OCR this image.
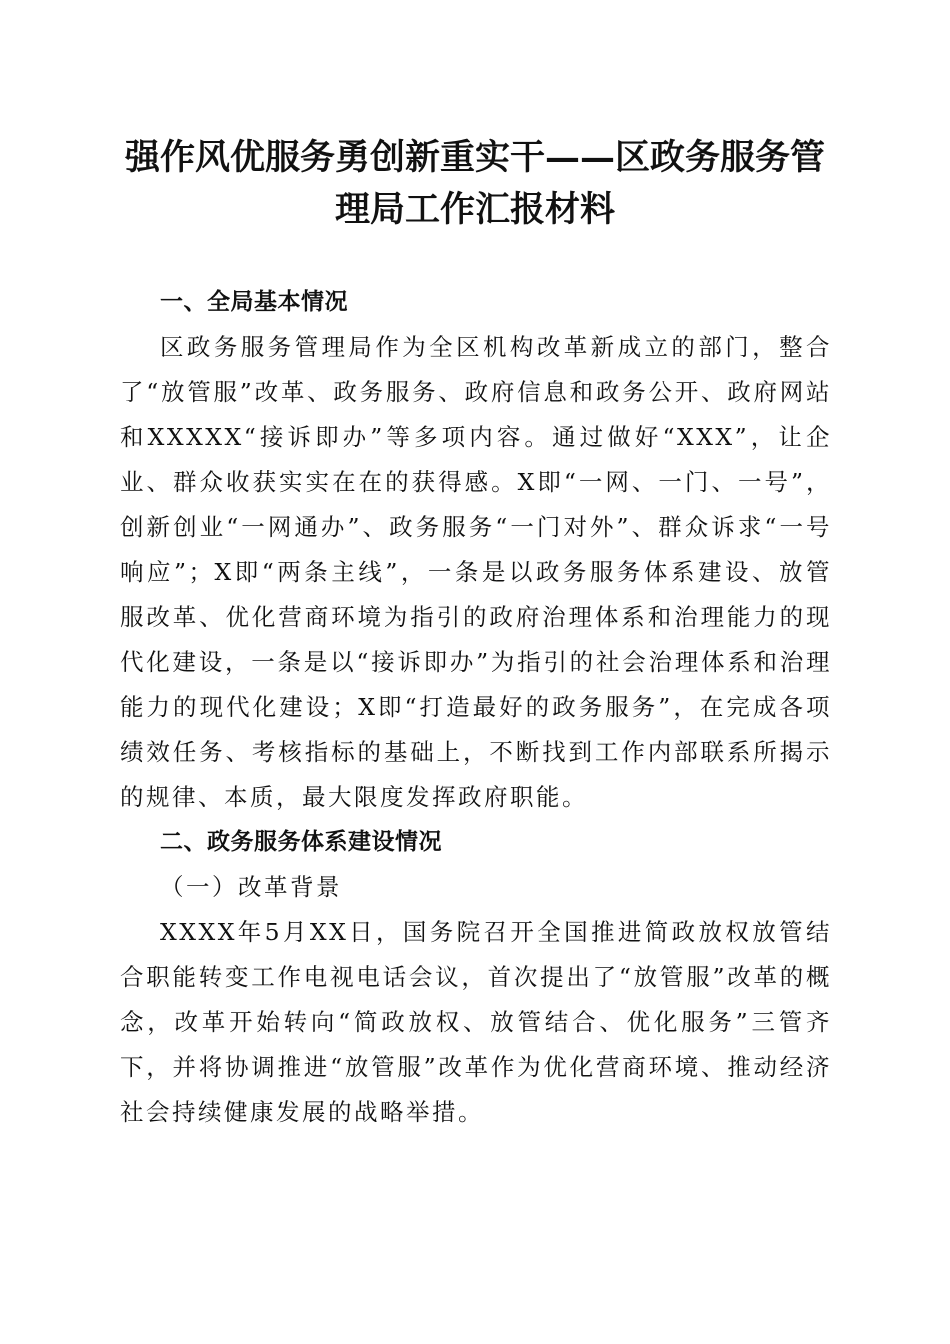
强作风优服务勇创新重实干——区政务服务管
理局工作汇报材料

一、全局基本情况

区政务服务管理局作为全区机构改革新成立的部门，整合了“放管服”改革、政务服务、政府信息和政务公开、政府网站和XXXXX“接诉即办”等多项内容。通过做好“XXX”，让企业、群众收获实实在在的获得感。X即“一网、一门、一号”，创新创业“一网通办”、政务服务“一门对外”、群众诉求“一号响应”；X即“两条主线”，一条是以政务服务体系建设、放管服改革、优化营商环境为指引的政府治理体系和治理能力的现代化建设，一条是以“接诉即办”为指引的社会治理体系和治理能力的现代化建设；X即“打造最好的政务服务”，在完成各项绩效任务、考核指标的基础上，不断找到工作内部联系所揭示的规律、本质，最大限度发挥政府职能。

二、政务服务体系建设情况

（一）改革背景

XXXX年5月XX日，国务院召开全国推进简政放权放管结合职能转变工作电视电话会议，首次提出了“放管服”改革的概念，改革开始转向“简政放权、放管结合、优化服务”三管齐下，并将协调推进“放管服”改革作为优化营商环境、推动经济社会持续健康发展的战略举措。
